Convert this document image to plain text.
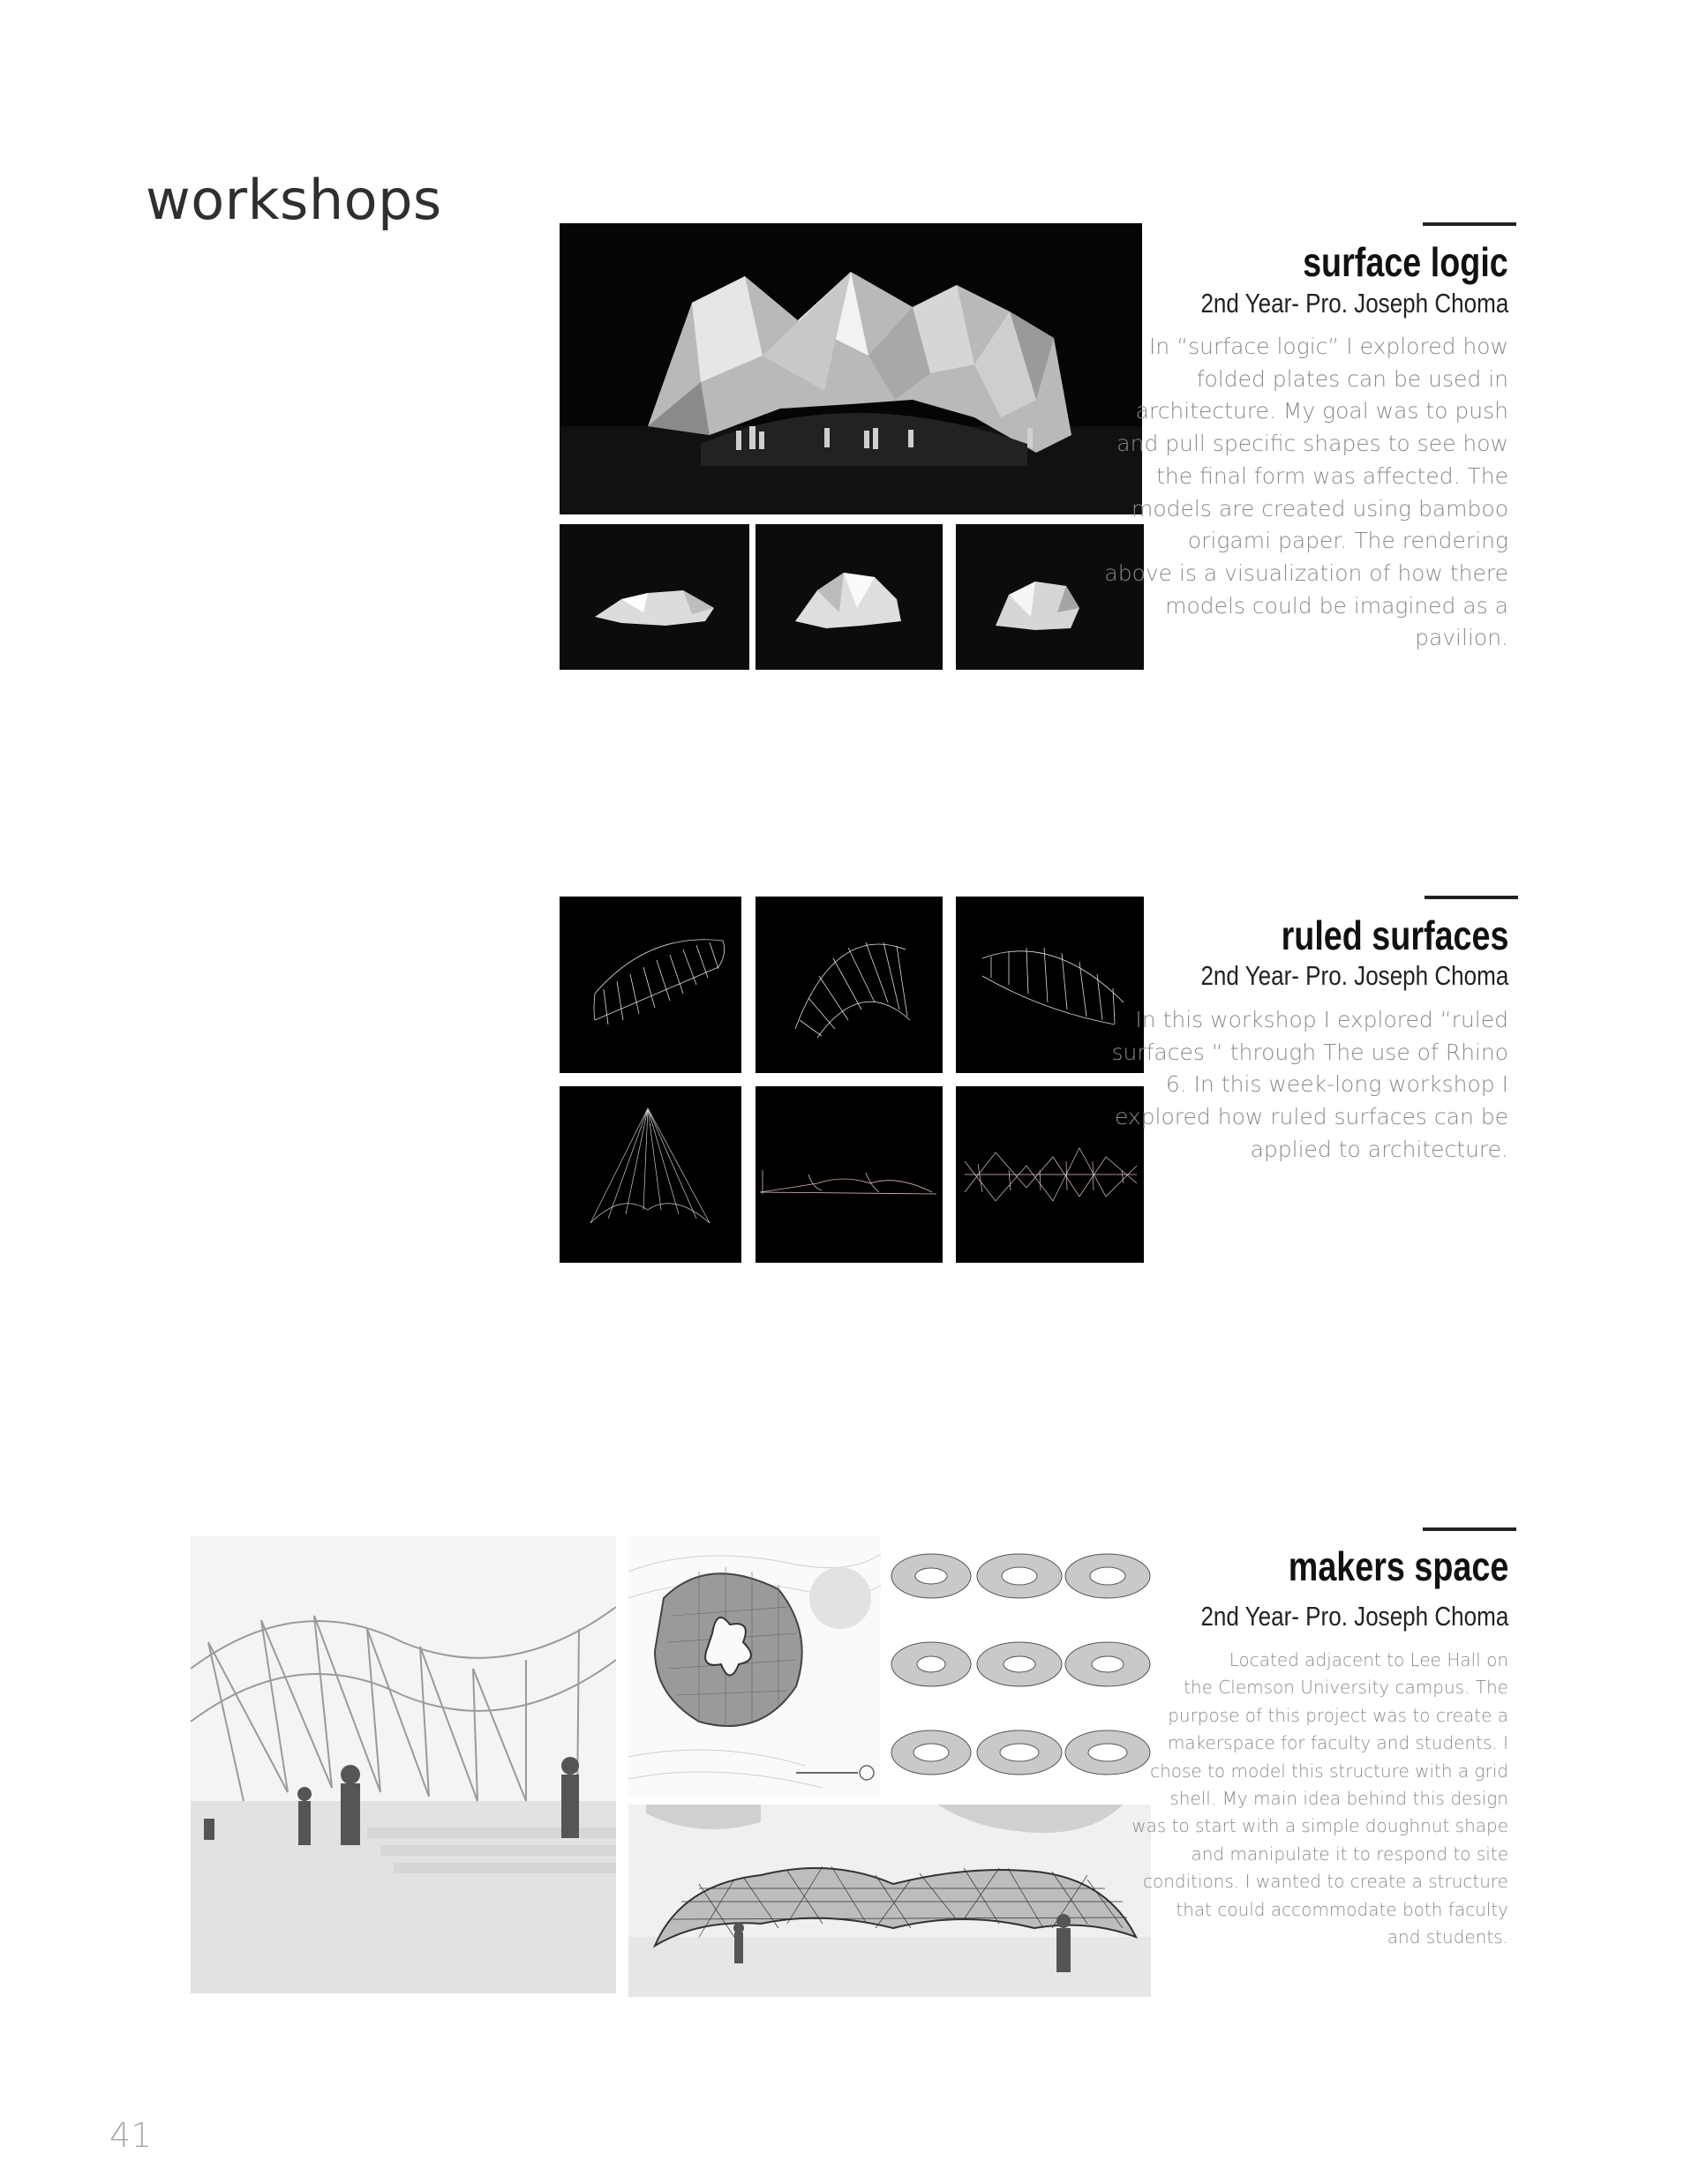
workshops
surface logic

2nd Year- Pro. Joseph Choma

In “surface logic” I explored how
folded plates can be used in
architecture. My goal was to push
and pull specific shapes to see how
the final form was affected. The
models are created using bamboo
origami paper. The rendering
above is a visualization of how there
models could be imagined as a
pavilion.
ruled surfaces

2nd Year- Pro. Joseph Choma

In this workshop I explored “ruled
surfaces “ through The use of Rhino
6. In this week-long workshop I
explored how ruled surfaces can be
applied to architecture.
makers space

2nd Year- Pro. Joseph Choma

Located adjacent to Lee Hall on
the Clemson University campus. The
purpose of this project was to create a
makerspace for faculty and students. I
chose to model this structure with a grid
shell. My main idea behind this design
was to start with a simple doughnut shape
and manipulate it to respond to site
conditions. I wanted to create a structure
that could accommodate both faculty
and students.
41
